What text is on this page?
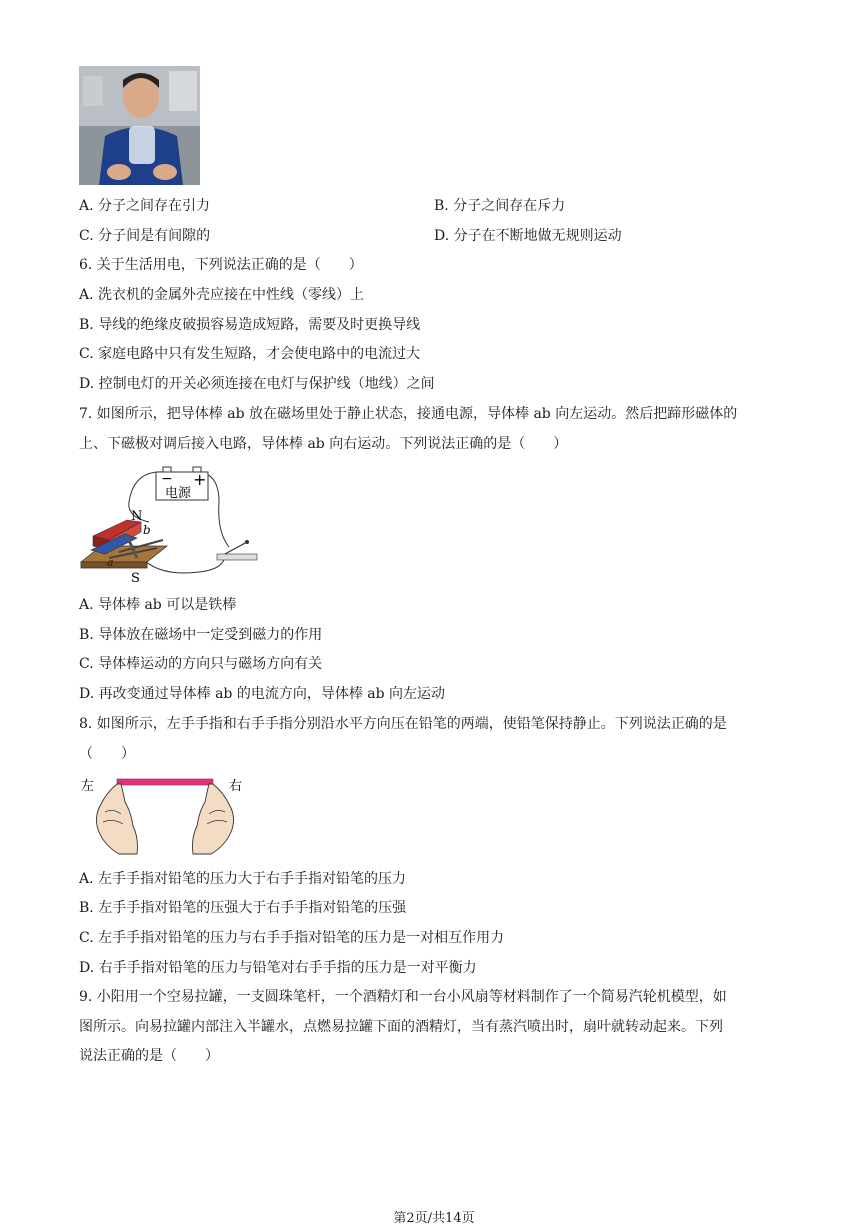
A. 分子之间存在引力	B. 分子之间存在斥力
C. 分子间是有间隙的	D. 分子在不断地做无规则运动
6. 关于生活用电，下列说法正确的是（　　）
A. 洗衣机的金属外壳应接在中性线（零线）上
B. 导线的绝缘皮破损容易造成短路，需要及时更换导线
C. 家庭电路中只有发生短路，才会使电路中的电流过大
D. 控制电灯的开关必须连接在电灯与保护线（地线）之间
7. 如图所示，把导体棒 ab 放在磁场里处于静止状态，接通电源，导体棒 ab 向左运动。然后把蹄形磁体的
上、下磁极对调后接入电路，导体棒 ab 向右运动。下列说法正确的是（　　）
− +
电源
N
b
a
S
A. 导体棒 ab 可以是铁棒
B. 导体放在磁场中一定受到磁力的作用
C. 导体棒运动的方向只与磁场方向有关
D. 再改变通过导体棒 ab 的电流方向，导体棒 ab 向左运动
8. 如图所示，左手手指和右手手指分别沿水平方向压在铅笔的两端，使铅笔保持静止。下列说法正确的是
（　　）
左	右
A. 左手手指对铅笔的压力大于右手手指对铅笔的压力
B. 左手手指对铅笔的压强大于右手手指对铅笔的压强
C. 左手手指对铅笔的压力与右手手指对铅笔的压力是一对相互作用力
D. 右手手指对铅笔的压力与铅笔对右手手指的压力是一对平衡力
9. 小阳用一个空易拉罐，一支圆珠笔杆，一个酒精灯和一台小风扇等材料制作了一个简易汽轮机模型，如
图所示。向易拉罐内部注入半罐水，点燃易拉罐下面的酒精灯，当有蒸汽喷出时，扇叶就转动起来。下列
说法正确的是（　　）
第2页/共14页
